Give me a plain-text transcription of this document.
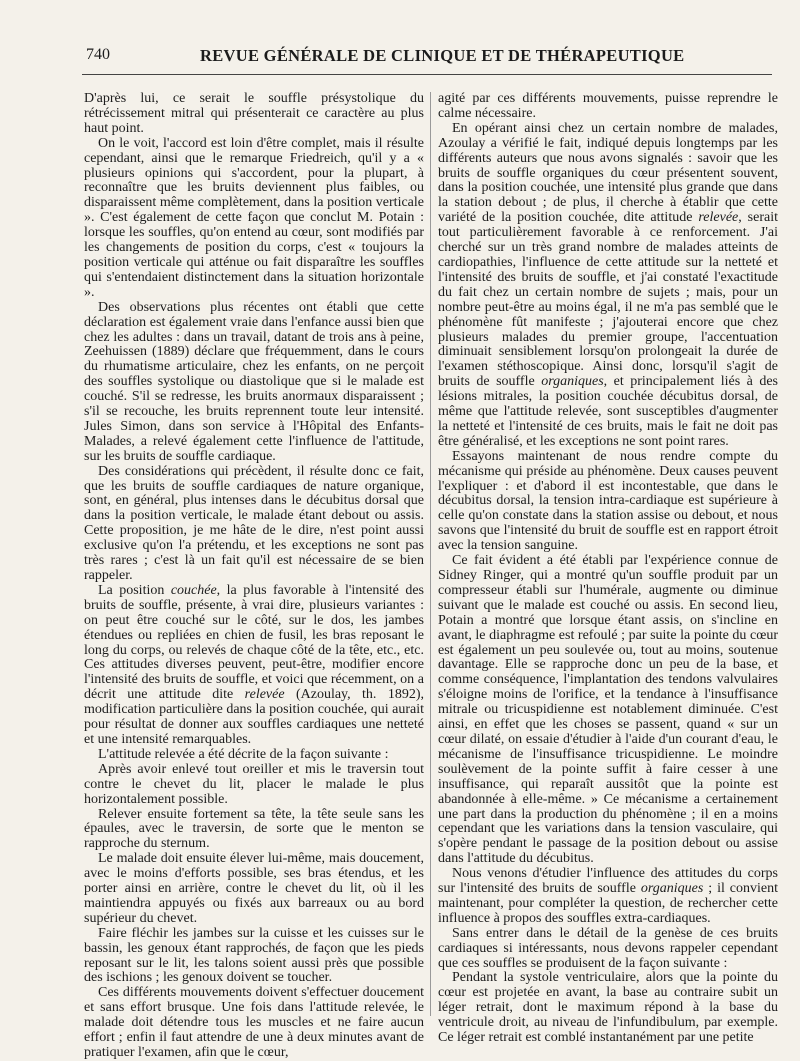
740	REVUE GÉNÉRALE DE CLINIQUE ET DE THÉRAPEUTIQUE

D'après lui, ce serait le souffle présystolique du rétrécissement mitral qui présenterait ce caractère au plus haut point.

On le voit, l'accord est loin d'être complet, mais il résulte cependant, ainsi que le remarque Friedreich, qu'il y a « plusieurs opinions qui s'accordent, pour la plupart, à reconnaître que les bruits deviennent plus faibles, ou disparaissent même complètement, dans la position verticale ». C'est également de cette façon que conclut M. Potain : lorsque les souffles, qu'on entend au cœur, sont modifiés par les changements de position du corps, c'est « toujours la position verticale qui atténue ou fait disparaître les souffles qui s'entendaient distinctement dans la situation horizontale ».

Des observations plus récentes ont établi que cette déclaration est également vraie dans l'enfance aussi bien que chez les adultes : dans un travail, datant de trois ans à peine, Zeehuissen (1889) déclare que fréquemment, dans le cours du rhumatisme articulaire, chez les enfants, on ne perçoit des souffles systolique ou diastolique que si le malade est couché. S'il se redresse, les bruits anormaux disparaissent ; s'il se recouche, les bruits reprennent toute leur intensité. Jules Simon, dans son service à l'Hôpital des Enfants-Malades, a relevé également cette l'influence de l'attitude, sur les bruits de souffle cardiaque.

Des considérations qui précèdent, il résulte donc ce fait, que les bruits de souffle cardiaques de nature organique, sont, en général, plus intenses dans le décubitus dorsal que dans la position verticale, le malade étant debout ou assis. Cette proposition, je me hâte de le dire, n'est point aussi exclusive qu'on l'a prétendu, et les exceptions ne sont pas très rares ; c'est là un fait qu'il est nécessaire de se bien rappeler.

La position couchée, la plus favorable à l'intensité des bruits de souffle, présente, à vrai dire, plusieurs variantes : on peut être couché sur le côté, sur le dos, les jambes étendues ou repliées en chien de fusil, les bras reposant le long du corps, ou relevés de chaque côté de la tête, etc., etc. Ces attitudes diverses peuvent, peut-être, modifier encore l'intensité des bruits de souffle, et voici que récemment, on a décrit une attitude dite relevée (Azoulay, th. 1892), modification particulière dans la position couchée, qui aurait pour résultat de donner aux souffles cardiaques une netteté et une intensité remarquables.

L'attitude relevée a été décrite de la façon suivante :

Après avoir enlevé tout oreiller et mis le traversin tout contre le chevet du lit, placer le malade le plus horizontalement possible.

Relever ensuite fortement sa tête, la tête seule sans les épaules, avec le traversin, de sorte que le menton se rapproche du sternum.

Le malade doit ensuite élever lui-même, mais doucement, avec le moins d'efforts possible, ses bras étendus, et les porter ainsi en arrière, contre le chevet du lit, où il les maintiendra appuyés ou fixés aux barreaux ou au bord supérieur du chevet.

Faire fléchir les jambes sur la cuisse et les cuisses sur le bassin, les genoux étant rapprochés, de façon que les pieds reposant sur le lit, les talons soient aussi près que possible des ischions ; les genoux doivent se toucher.

Ces différents mouvements doivent s'effectuer doucement et sans effort brusque. Une fois dans l'attitude relevée, le malade doit détendre tous les muscles et ne faire aucun effort ; enfin il faut attendre de une à deux minutes avant de pratiquer l'examen, afin que le cœur,

agité par ces différents mouvements, puisse reprendre le calme nécessaire.

En opérant ainsi chez un certain nombre de malades, Azoulay a vérifié le fait, indiqué depuis longtemps par les différents auteurs que nous avons signalés : savoir que les bruits de souffle organiques du cœur présentent souvent, dans la position couchée, une intensité plus grande que dans la station debout ; de plus, il cherche à établir que cette variété de la position couchée, dite attitude relevée, serait tout particulièrement favorable à ce renforcement. J'ai cherché sur un très grand nombre de malades atteints de cardiopathies, l'influence de cette attitude sur la netteté et l'intensité des bruits de souffle, et j'ai constaté l'exactitude du fait chez un certain nombre de sujets ; mais, pour un nombre peut-être au moins égal, il ne m'a pas semblé que le phénomène fût manifeste ; j'ajouterai encore que chez plusieurs malades du premier groupe, l'accentuation diminuait sensiblement lorsqu'on prolongeait la durée de l'examen stéthoscopique. Ainsi donc, lorsqu'il s'agit de bruits de souffle organiques, et principalement liés à des lésions mitrales, la position couchée décubitus dorsal, de même que l'attitude relevée, sont susceptibles d'augmenter la netteté et l'intensité de ces bruits, mais le fait ne doit pas être généralisé, et les exceptions ne sont point rares.

Essayons maintenant de nous rendre compte du mécanisme qui préside au phénomène. Deux causes peuvent l'expliquer : et d'abord il est incontestable, que dans le décubitus dorsal, la tension intra-cardiaque est supérieure à celle qu'on constate dans la station assise ou debout, et nous savons que l'intensité du bruit de souffle est en rapport étroit avec la tension sanguine.

Ce fait évident a été établi par l'expérience connue de Sidney Ringer, qui a montré qu'un souffle produit par un compresseur établi sur l'humérale, augmente ou diminue suivant que le malade est couché ou assis. En second lieu, Potain a montré que lorsque étant assis, on s'incline en avant, le diaphragme est refoulé ; par suite la pointe du cœur est également un peu soulevée ou, tout au moins, soutenue davantage. Elle se rapproche donc un peu de la base, et comme conséquence, l'implantation des tendons valvulaires s'éloigne moins de l'orifice, et la tendance à l'insuffisance mitrale ou tricuspidienne est notablement diminuée. C'est ainsi, en effet que les choses se passent, quand « sur un cœur dilaté, on essaie d'étudier à l'aide d'un courant d'eau, le mécanisme de l'insuffisance tricuspidienne. Le moindre soulèvement de la pointe suffit à faire cesser à une insuffisance, qui reparaît aussitôt que la pointe est abandonnée à elle-même. » Ce mécanisme a certainement une part dans la production du phénomène ; il en a moins cependant que les variations dans la tension vasculaire, qui s'opère pendant le passage de la position debout ou assise dans l'attitude du décubitus.

Nous venons d'étudier l'influence des attitudes du corps sur l'intensité des bruits de souffle organiques ; il convient maintenant, pour compléter la question, de rechercher cette influence à propos des souffles extra-cardiaques.

Sans entrer dans le détail de la genèse de ces bruits cardiaques si intéressants, nous devons rappeler cependant que ces souffles se produisent de la façon suivante :

Pendant la systole ventriculaire, alors que la pointe du cœur est projetée en avant, la base au contraire subit un léger retrait, dont le maximum répond à la base du ventricule droit, au niveau de l'infundibulum, par exemple. Ce léger retrait est comblé instantanément par une petite
